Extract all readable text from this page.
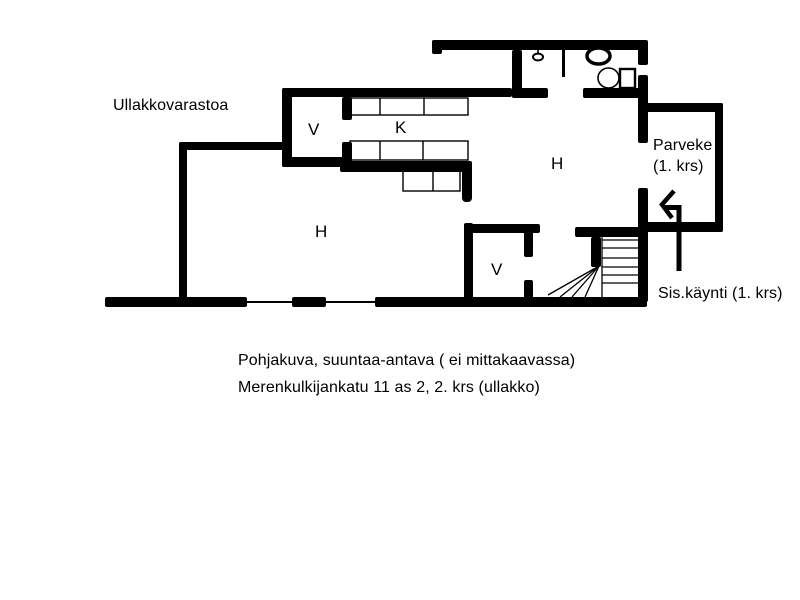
Ullakkovarastoa
V	K
H
H
V
Parveke
(1. krs)
Sis.käynti (1. krs)
Pohjakuva, suuntaa-antava ( ei mittakaavassa)
Merenkulkijankatu 11 as 2, 2. krs (ullakko)
